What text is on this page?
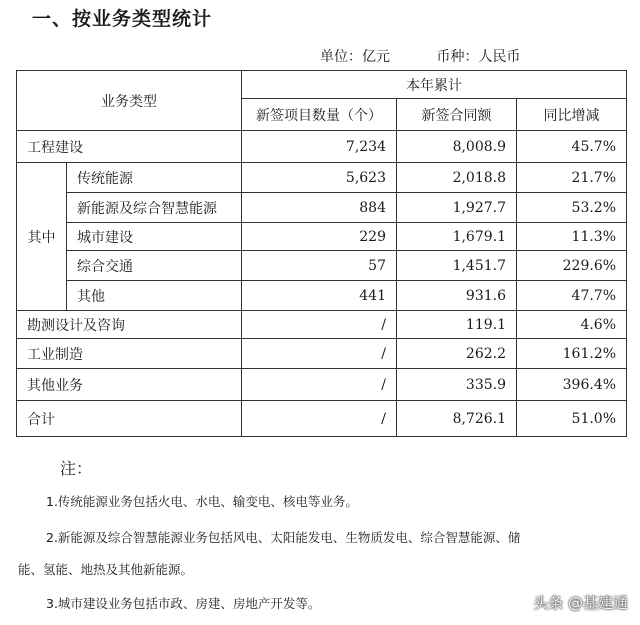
一、按业务类型统计
单位：亿元	币种：人民币
业务类型		本年累计		
		新签项目数量（个）	新签合同额	同比增减
工程建设		7,234	8,008.9	45.7%
其中	传统能源	5,623	2,018.8	21.7%
	新能源及综合智慧能源	884	1,927.7	53.2%
	城市建设	229	1,679.1	11.3%
	综合交通	57	1,451.7	229.6%
	其他	441	931.6	47.7%
勘测设计及咨询		/	119.1	4.6%
工业制造		/	262.2	161.2%
其他业务		/	335.9	396.4%
合计		/	8,726.1	51.0%
注：

1.传统能源业务包括火电、水电、输变电、核电等业务。

2.新能源及综合智慧能源业务包括风电、太阳能发电、生物质发电、综合智慧能源、储

能、氢能、地热及其他新能源。

3.城市建设业务包括市政、房建、房地产开发等。	头条 @基建通
